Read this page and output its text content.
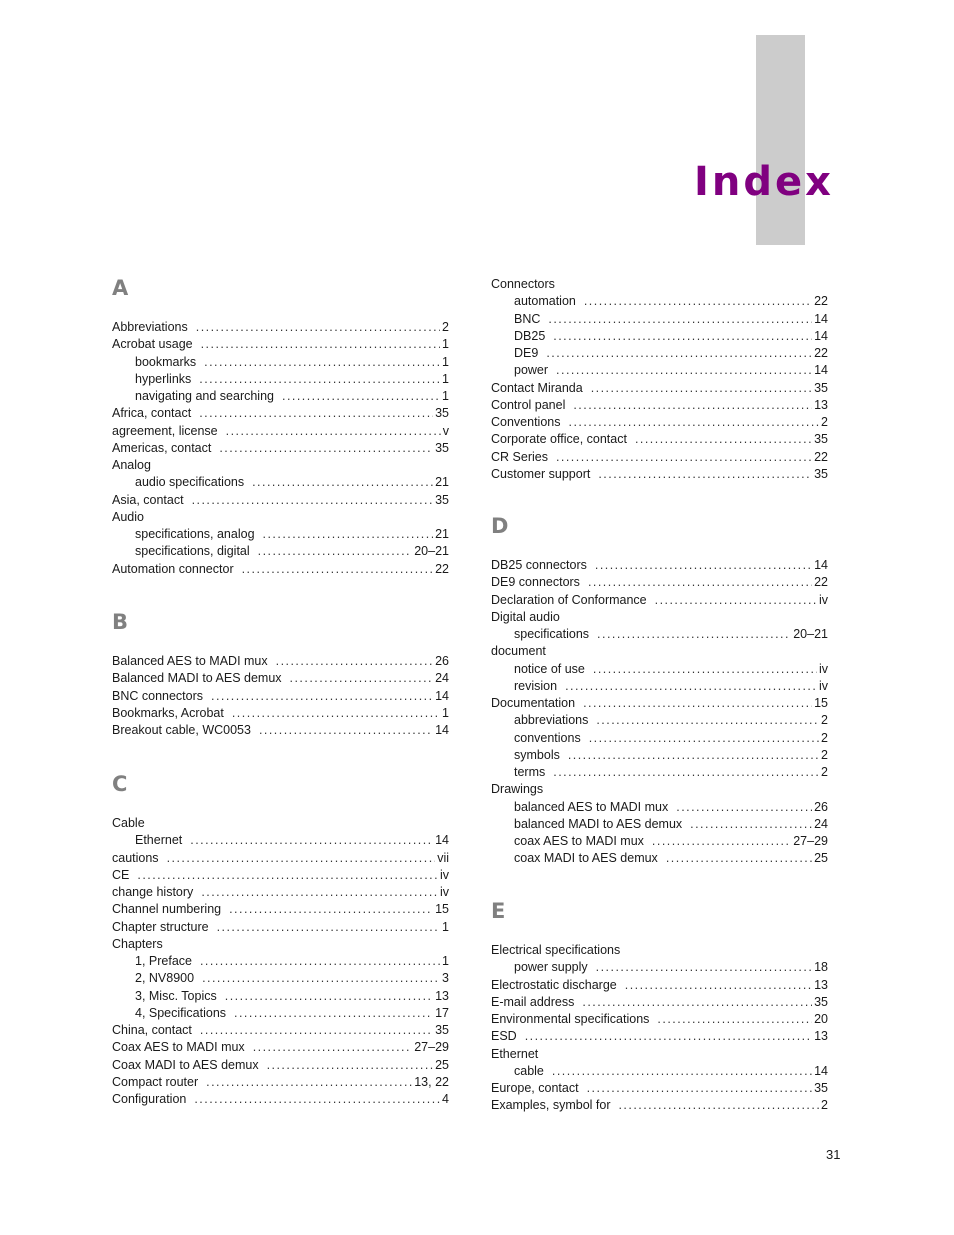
Index
A
Abbreviations . . .	2
Acrobat usage . . .	1
bookmarks . . .	1
hyperlinks . . .	1
navigating and searching . . .	1
Africa, contact . . .	35
agreement, license . . .	v
Americas, contact . . .	35
Analog
audio specifications . . .	21
Asia, contact . . .	35
Audio
specifications, analog . . .	21
specifications, digital . . .	20–21
Automation connector . . .	22
B
Balanced AES to MADI mux . . .	26
Balanced MADI to AES demux . . .	24
BNC connectors . . .	14
Bookmarks, Acrobat . . .	1
Breakout cable, WC0053 . . .	14
C
Cable
Ethernet . . .	14
cautions . . .	vii
CE . . .	iv
change history . . .	iv
Channel numbering . . .	15
Chapter structure . . .	1
Chapters
1, Preface . . .	1
2, NV8900 . . .	3
3, Misc. Topics . . .	13
4, Specifications . . .	17
China, contact . . .	35
Coax AES to MADI mux . . .	27–29
Coax MADI to AES demux . . .	25
Compact router . . .	13, 22
Configuration . . .	4
Connectors
automation . . .	22
BNC . . .	14
DB25 . . .	14
DE9 . . .	22
power . . .	14
Contact Miranda . . .	35
Control panel . . .	13
Conventions . . .	2
Corporate office, contact . . .	35
CR Series . . .	22
Customer support . . .	35
D
DB25 connectors . . .	14
DE9 connectors . . .	22
Declaration of Conformance . . .	iv
Digital audio
specifications . . .	20–21
document
notice of use . . .	iv
revision . . .	iv
Documentation . . .	15
abbreviations . . .	2
conventions . . .	2
symbols . . .	2
terms . . .	2
Drawings
balanced AES to MADI mux . . .	26
balanced MADI to AES demux . . .	24
coax AES to MADI mux . . .	27–29
coax MADI to AES demux . . .	25
E
Electrical specifications
power supply . . .	18
Electrostatic discharge . . .	13
E-mail address . . .	35
Environmental specifications . . .	20
ESD . . .	13
Ethernet
cable . . .	14
Europe, contact . . .	35
Examples, symbol for . . .	2
31
